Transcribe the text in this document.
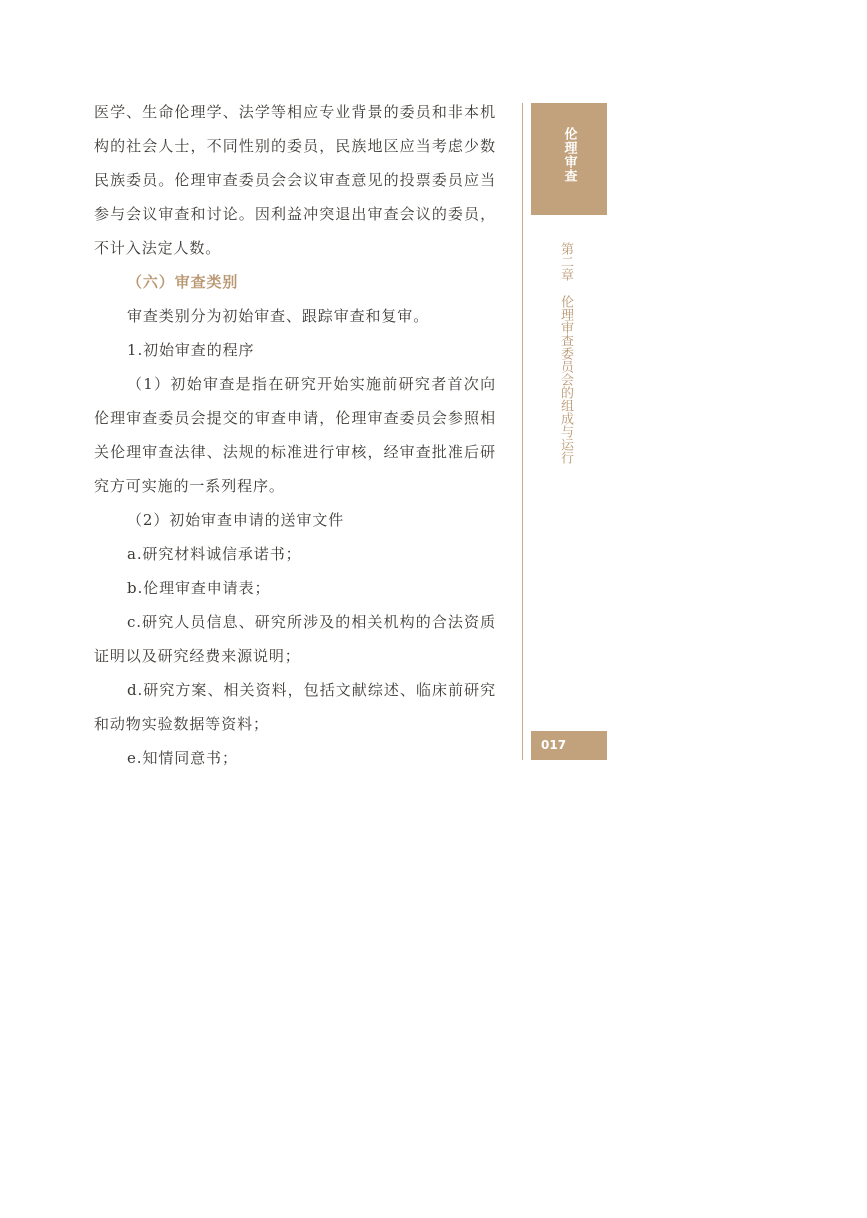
医学、生命伦理学、法学等相应专业背景的委员和非本机构的社会人士，不同性别的委员，民族地区应当考虑少数民族委员。伦理审查委员会会议审查意见的投票委员应当参与会议审查和讨论。因利益冲突退出审查会议的委员，不计入法定人数。

（六）审查类别

审查类别分为初始审查、跟踪审查和复审。

1.初始审查的程序

（1）初始审查是指在研究开始实施前研究者首次向伦理审查委员会提交的审查申请，伦理审查委员会参照相关伦理审查法律、法规的标准进行审核，经审查批准后研究方可实施的一系列程序。

（2）初始审查申请的送审文件

a.研究材料诚信承诺书；

b.伦理审查申请表；

c.研究人员信息、研究所涉及的相关机构的合法资质证明以及研究经费来源说明；

d.研究方案、相关资料，包括文献综述、临床前研究和动物实验数据等资料；

e.知情同意书；

伦理审查
第二章伦理审查委员会的组成与运行
017
